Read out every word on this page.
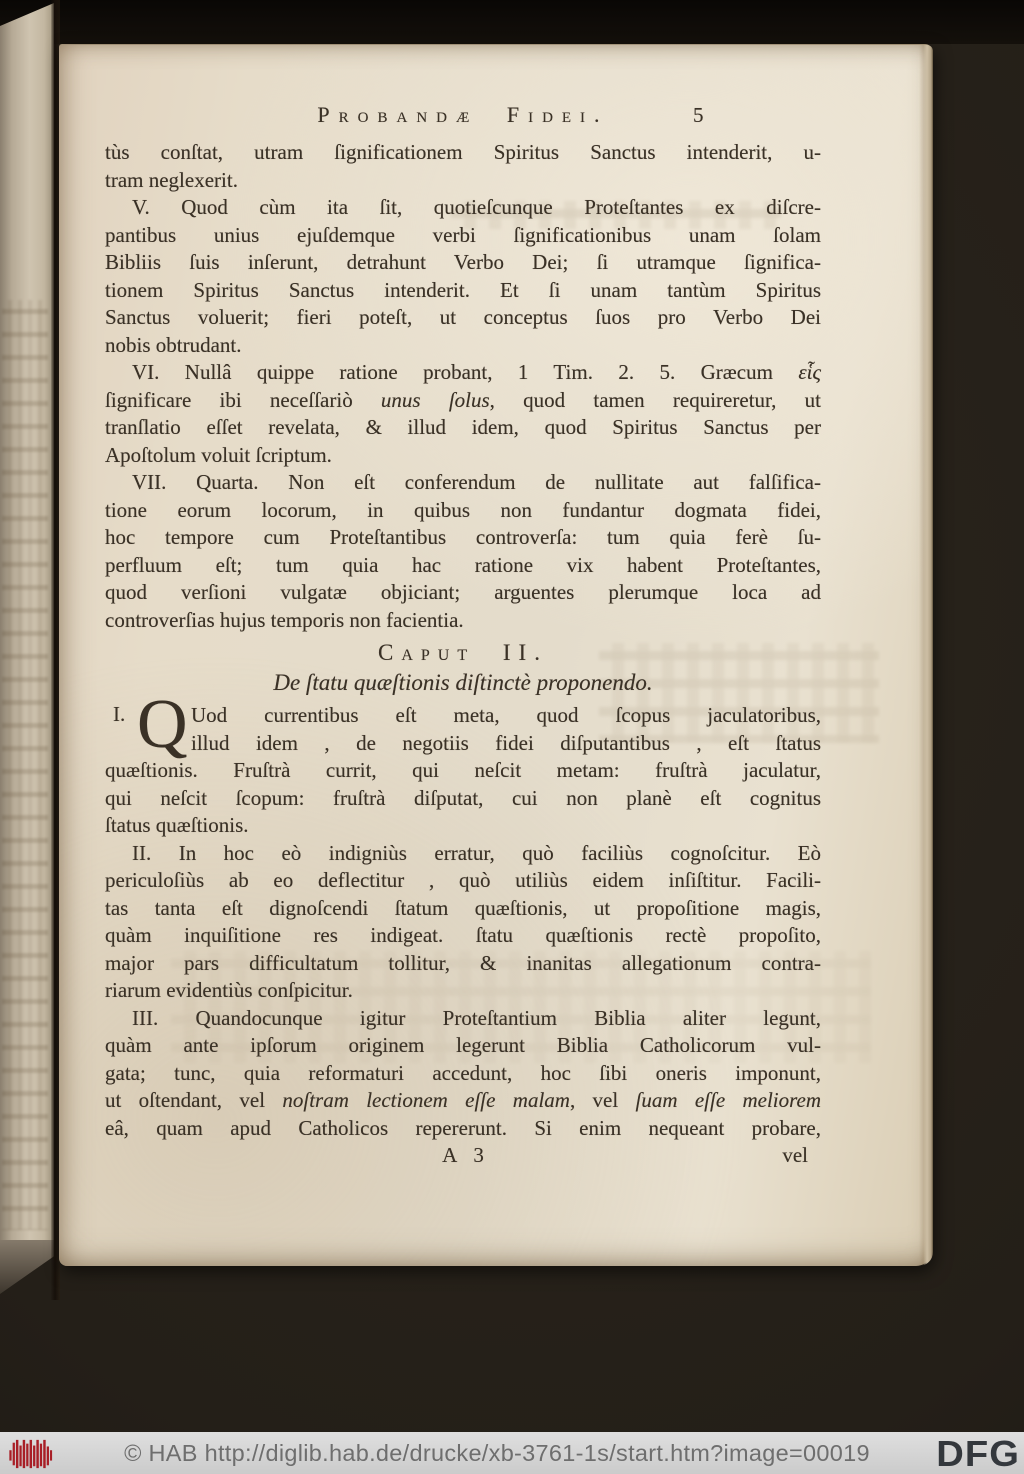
Probandæ Fidei.	5
tùs conſtat, utram ſignificationem Spiritus Sanctus intenderit, u-
tram neglexerit.
V. Quod cùm ita ſit, quotieſcunque Proteſtantes ex diſcre-
pantibus unius ejuſdemque verbi ſignificationibus unam ſolam
Bibliis ſuis inſerunt, detrahunt Verbo Dei; ſi utramque ſignifica-
tionem Spiritus Sanctus intenderit. Et ſi unam tantùm Spiritus
Sanctus voluerit; fieri poteſt, ut conceptus ſuos pro Verbo Dei
nobis obtrudant.
VI. Nullâ quippe ratione probant, 1 Tim. 2. 5. Græcum εἷς
ſignificare ibi neceſſariò unus ſolus, quod tamen requireretur, ut
tranſlatio eſſet revelata, & illud idem, quod Spiritus Sanctus per
Apoſtolum voluit ſcriptum.
VII. Quarta. Non eſt conferendum de nullitate aut falſifica-
tione eorum locorum, in quibus non fundantur dogmata fidei,
hoc tempore cum Proteſtantibus controverſa: tum quia ferè ſu-
perfluum eſt; tum quia hac ratione vix habent Proteſtantes,
quod verſioni vulgatæ objiciant; arguentes plerumque loca ad
controverſias hujus temporis non facientia.
Caput II.
De ſtatu quæſtionis diſtinctè proponendo.
I. Q Uod currentibus eſt meta, quod ſcopus jaculatoribus,
illud idem , de negotiis fidei diſputantibus , eſt ſtatus
quæſtionis. Fruſtrà currit, qui neſcit metam: fruſtrà jaculatur,
qui neſcit ſcopum: fruſtrà diſputat, cui non planè eſt cognitus
ſtatus quæſtionis.
II. In hoc eò indigniùs erratur, quò faciliùs cognoſcitur. Eò
periculoſiùs ab eo deflectitur , quò utiliùs eidem inſiſtitur. Facili-
tas tanta eſt dignoſcendi ſtatum quæſtionis, ut propoſitione magis,
quàm inquiſitione res indigeat. ſtatu quæſtionis rectè propoſito,
major pars difficultatum tollitur, & inanitas allegationum contra-
riarum evidentiùs conſpicitur.
III. Quandocunque igitur Proteſtantium Biblia aliter legunt,
quàm ante ipſorum originem legerunt Biblia Catholicorum vul-
gata; tunc, quia reformaturi accedunt, hoc ſibi oneris imponunt,
ut oſtendant, vel noſtram lectionem eſſe malam, vel ſuam eſſe meliorem
eâ, quam apud Catholicos repererunt. Si enim nequeant probare,
A 3	vel
© HAB http://diglib.hab.de/drucke/xb-3761-1s/start.htm?image=00019	DFG
